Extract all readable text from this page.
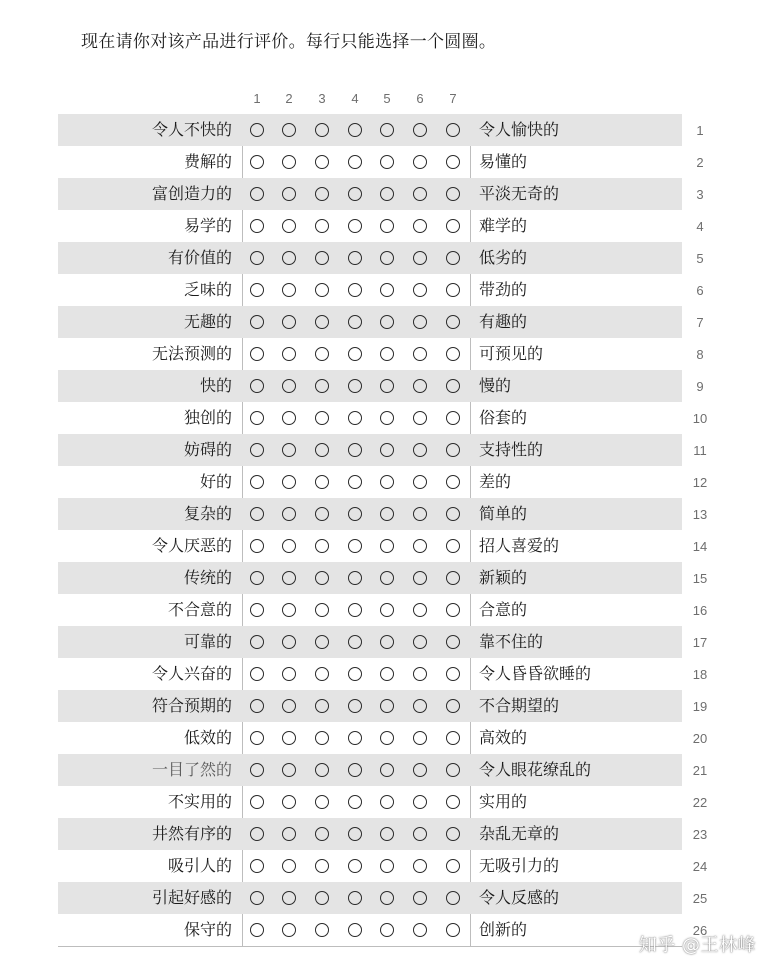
现在请你对该产品进行评价。每行只能选择一个圆圈。
1	2	3	4	5	6	7
令人不快的	令人愉快的	1
费解的	易懂的	2
富创造力的	平淡无奇的	3
易学的	难学的	4
有价值的	低劣的	5
乏味的	带劲的	6
无趣的	有趣的	7
无法预测的	可预见的	8
快的	慢的	9
独创的	俗套的	10
妨碍的	支持性的	11
好的	差的	12
复杂的	简单的	13
令人厌恶的	招人喜爱的	14
传统的	新颖的	15
不合意的	合意的	16
可靠的	靠不住的	17
令人兴奋的	令人昏昏欲睡的	18
符合预期的	不合期望的	19
低效的	高效的	20
一目了然的	令人眼花缭乱的	21
不实用的	实用的	22
井然有序的	杂乱无章的	23
吸引人的	无吸引力的	24
引起好感的	令人反感的	25
保守的	创新的	26
知乎 @王林峰
